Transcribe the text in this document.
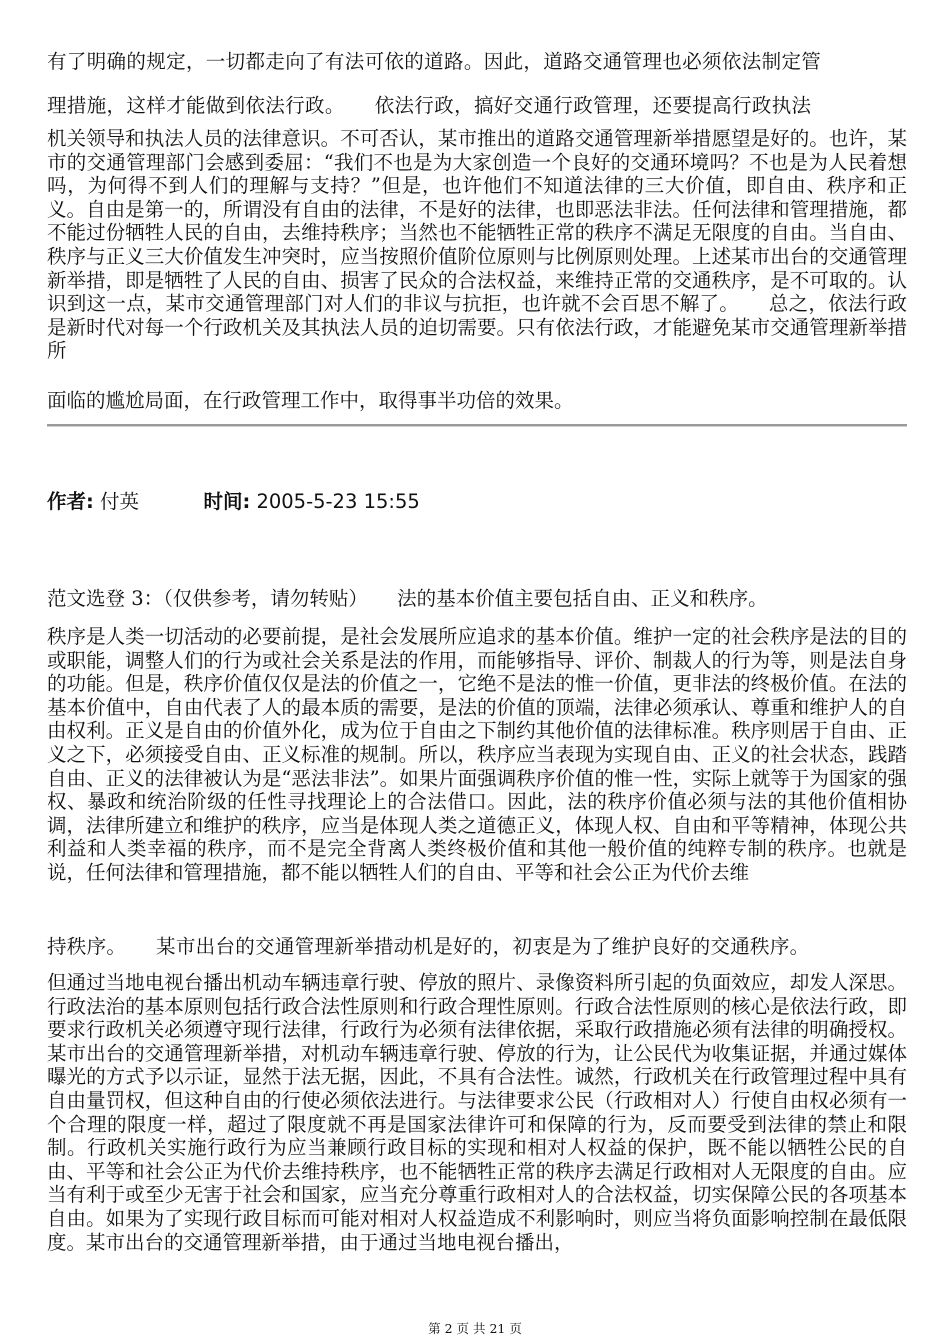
有了明确的规定，一切都走向了有法可依的道路。因此，道路交通管理也必须依法制定管

理措施，这样才能做到依法行政。　　依法行政，搞好交通行政管理，还要提高行政执法

机关领导和执法人员的法律意识。不可否认，某市推出的道路交通管理新举措愿望是好的。也许，某市的交通管理部门会感到委屈：“我们不也是为大家创造一个良好的交通环境吗？不也是为人民着想吗，为何得不到人们的理解与支持？”但是，也许他们不知道法律的三大价值，即自由、秩序和正义。自由是第一的，所谓没有自由的法律，不是好的法律，也即恶法非法。任何法律和管理措施，都不能过份牺牲人民的自由，去维持秩序；当然也不能牺牲正常的秩序不满足无限度的自由。当自由、秩序与正义三大价值发生冲突时，应当按照价值阶位原则与比例原则处理。上述某市出台的交通管理新举措，即是牺牲了人民的自由、损害了民众的合法权益，来维持正常的交通秩序，是不可取的。认识到这一点，某市交通管理部门对人们的非议与抗拒，也许就不会百思不解了。　　总之，依法行政是新时代对每一个行政机关及其执法人员的迫切需要。只有依法行政，才能避免某市交通管理新举措所

面临的尴尬局面，在行政管理工作中，取得事半功倍的效果。

范文选登 3：（仅供参考，请勿转贴）　　法的基本价值主要包括自由、正义和秩序。

秩序是人类一切活动的必要前提，是社会发展所应追求的基本价值。维护一定的社会秩序是法的目的或职能，调整人们的行为或社会关系是法的作用，而能够指导、评价、制裁人的行为等，则是法自身的功能。但是，秩序价值仅仅是法的价值之一，它绝不是法的惟一价值，更非法的终极价值。在法的基本价值中，自由代表了人的最本质的需要，是法的价值的顶端，法律必须承认、尊重和维护人的自由权利。正义是自由的价值外化，成为位于自由之下制约其他价值的法律标准。秩序则居于自由、正义之下，必须接受自由、正义标准的规制。所以，秩序应当表现为实现自由、正义的社会状态，践踏自由、正义的法律被认为是“恶法非法”。如果片面强调秩序价值的惟一性，实际上就等于为国家的强权、暴政和统治阶级的任性寻找理论上的合法借口。因此，法的秩序价值必须与法的其他价值相协调，法律所建立和维护的秩序，应当是体现人类之道德正义，体现人权、自由和平等精神，体现公共利益和人类幸福的秩序，而不是完全背离人类终极价值和其他一般价值的纯粹专制的秩序。也就是说，任何法律和管理措施，都不能以牺牲人们的自由、平等和社会公正为代价去维

持秩序。　　某市出台的交通管理新举措动机是好的，初衷是为了维护良好的交通秩序。

但通过当地电视台播出机动车辆违章行驶、停放的照片、录像资料所引起的负面效应，却发人深思。行政法治的基本原则包括行政合法性原则和行政合理性原则。行政合法性原则的核心是依法行政，即要求行政机关必须遵守现行法律，行政行为必须有法律依据，采取行政措施必须有法律的明确授权。某市出台的交通管理新举措，对机动车辆违章行驶、停放的行为，让公民代为收集证据，并通过媒体曝光的方式予以示证，显然于法无据，因此，不具有合法性。诚然，行政机关在行政管理过程中具有自由量罚权，但这种自由的行使必须依法进行。与法律要求公民（行政相对人）行使自由权必须有一个合理的限度一样，超过了限度就不再是国家法律许可和保障的行为，反而要受到法律的禁止和限制。行政机关实施行政行为应当兼顾行政目标的实现和相对人权益的保护，既不能以牺牲公民的自由、平等和社会公正为代价去维持秩序，也不能牺牲正常的秩序去满足行政相对人无限度的自由。应当有利于或至少无害于社会和国家，应当充分尊重行政相对人的合法权益，切实保障公民的各项基本自由。如果为了实现行政目标而可能对相对人权益造成不利影响时，则应当将负面影响控制在最低限度。某市出台的交通管理新举措，由于通过当地电视台播出，

作者: 付英	时间: 2005-5-23 15:55
第 2 页 共 21 页
